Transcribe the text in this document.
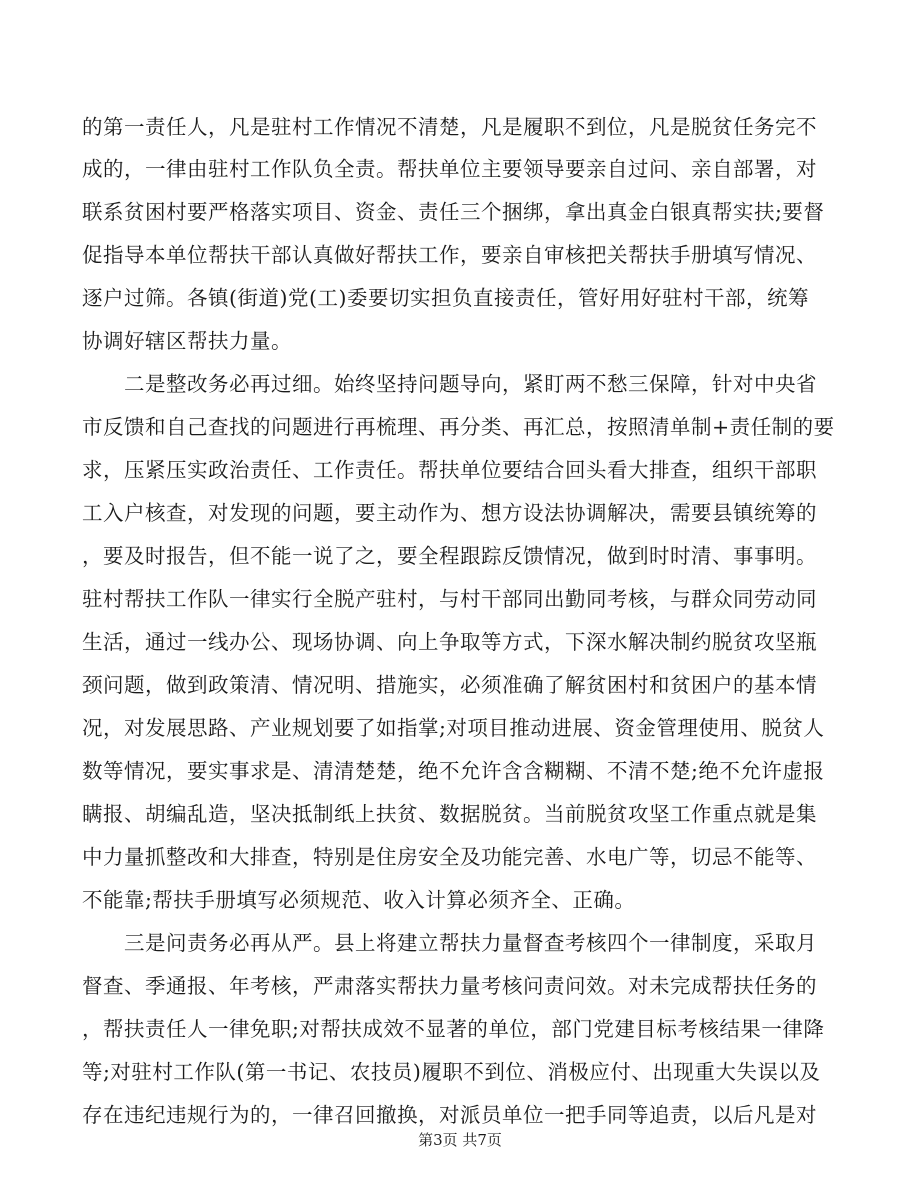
的第一责任人，凡是驻村工作情况不清楚，凡是履职不到位，凡是脱贫任务完不
成的，一律由驻村工作队负全责。帮扶单位主要领导要亲自过问、亲自部署，对
联系贫困村要严格落实项目、资金、责任三个捆绑，拿出真金白银真帮实扶;要督
促指导本单位帮扶干部认真做好帮扶工作，要亲自审核把关帮扶手册填写情况、
逐户过筛。各镇(街道)党(工)委要切实担负直接责任，管好用好驻村干部，统筹
协调好辖区帮扶力量。
二是整改务必再过细。始终坚持问题导向，紧盯两不愁三保障，针对中央省
市反馈和自己查找的问题进行再梳理、再分类、再汇总，按照清单制+责任制的要
求，压紧压实政治责任、工作责任。帮扶单位要结合回头看大排查，组织干部职
工入户核查，对发现的问题，要主动作为、想方设法协调解决，需要县镇统筹的
，要及时报告，但不能一说了之，要全程跟踪反馈情况，做到时时清、事事明。
驻村帮扶工作队一律实行全脱产驻村，与村干部同出勤同考核，与群众同劳动同
生活，通过一线办公、现场协调、向上争取等方式，下深水解决制约脱贫攻坚瓶
颈问题，做到政策清、情况明、措施实，必须准确了解贫困村和贫困户的基本情
况，对发展思路、产业规划要了如指掌;对项目推动进展、资金管理使用、脱贫人
数等情况，要实事求是、清清楚楚，绝不允许含含糊糊、不清不楚;绝不允许虚报
瞒报、胡编乱造，坚决抵制纸上扶贫、数据脱贫。当前脱贫攻坚工作重点就是集
中力量抓整改和大排查，特别是住房安全及功能完善、水电广等，切忌不能等、
不能靠;帮扶手册填写必须规范、收入计算必须齐全、正确。
三是问责务必再从严。县上将建立帮扶力量督查考核四个一律制度，采取月
督查、季通报、年考核，严肃落实帮扶力量考核问责问效。对未完成帮扶任务的
，帮扶责任人一律免职;对帮扶成效不显著的单位，部门党建目标考核结果一律降
等;对驻村工作队(第一书记、农技员)履职不到位、消极应付、出现重大失误以及
存在违纪违规行为的，一律召回撤换，对派员单位一把手同等追责，以后凡是对
第3页 共7页
